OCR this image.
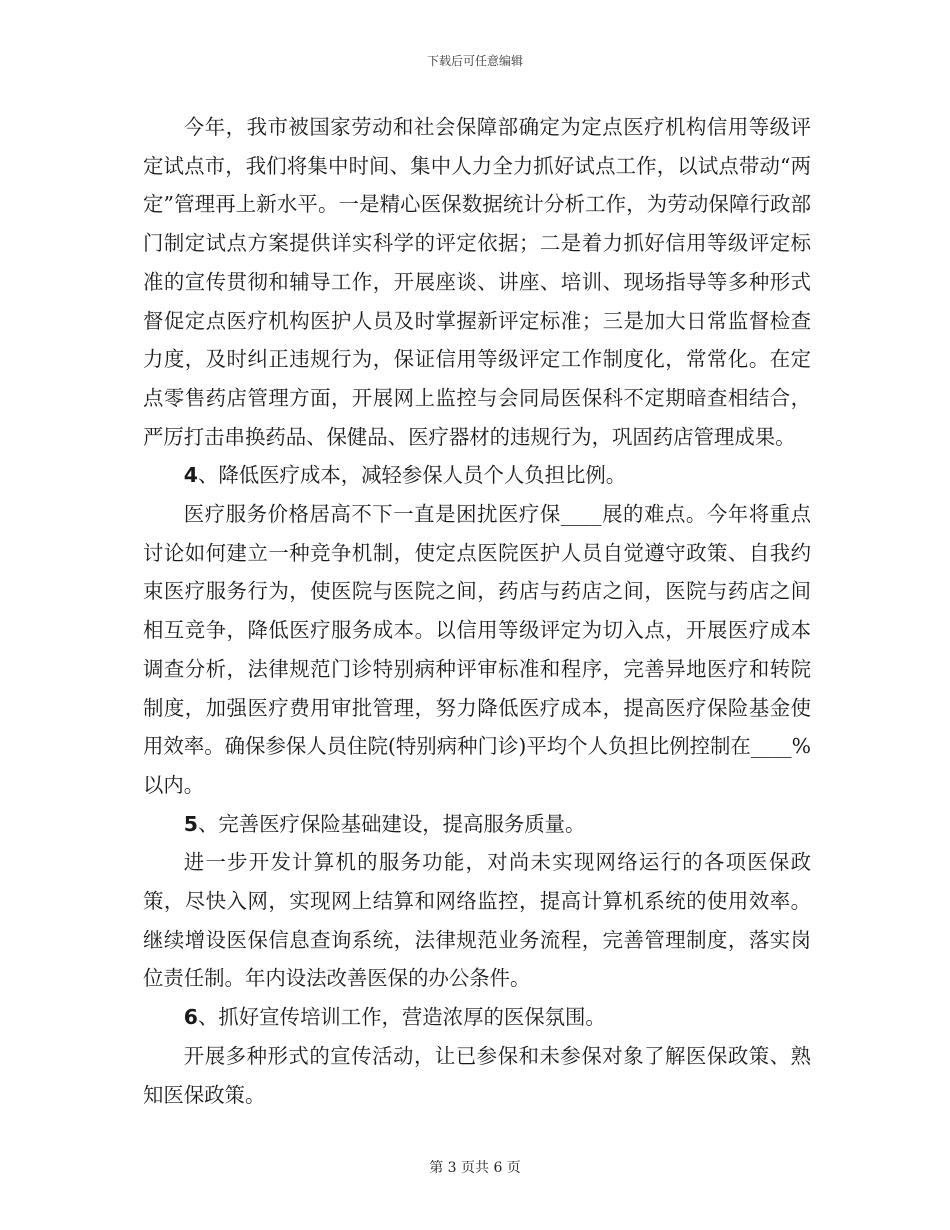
下载后可任意编辑

今年，我市被国家劳动和社会保障部确定为定点医疗机构信用等级评定试点市，我们将集中时间、集中人力全力抓好试点工作，以试点带动“两定”管理再上新水平。一是精心医保数据统计分析工作，为劳动保障行政部门制定试点方案提供详实科学的评定依据；二是着力抓好信用等级评定标准的宣传贯彻和辅导工作，开展座谈、讲座、培训、现场指导等多种形式督促定点医疗机构医护人员及时掌握新评定标准；三是加大日常监督检查力度，及时纠正违规行为，保证信用等级评定工作制度化，常常化。在定点零售药店管理方面，开展网上监控与会同局医保科不定期暗查相结合，严厉打击串换药品、保健品、医疗器材的违规行为，巩固药店管理成果。

4、降低医疗成本，减轻参保人员个人负担比例。

医疗服务价格居高不下一直是困扰医疗保____展的难点。今年将重点讨论如何建立一种竞争机制，使定点医院医护人员自觉遵守政策、自我约束医疗服务行为，使医院与医院之间，药店与药店之间，医院与药店之间相互竞争，降低医疗服务成本。以信用等级评定为切入点，开展医疗成本调查分析，法律规范门诊特别病种评审标准和程序，完善异地医疗和转院制度，加强医疗费用审批管理，努力降低医疗成本，提高医疗保险基金使用效率。确保参保人员住院(特别病种门诊)平均个人负担比例控制在____%以内。

5、完善医疗保险基础建设，提高服务质量。

进一步开发计算机的服务功能，对尚未实现网络运行的各项医保政策，尽快入网，实现网上结算和网络监控，提高计算机系统的使用效率。继续增设医保信息查询系统，法律规范业务流程，完善管理制度，落实岗位责任制。年内设法改善医保的办公条件。

6、抓好宣传培训工作，营造浓厚的医保氛围。

开展多种形式的宣传活动，让已参保和未参保对象了解医保政策、熟知医保政策。

第 3 页共 6 页
